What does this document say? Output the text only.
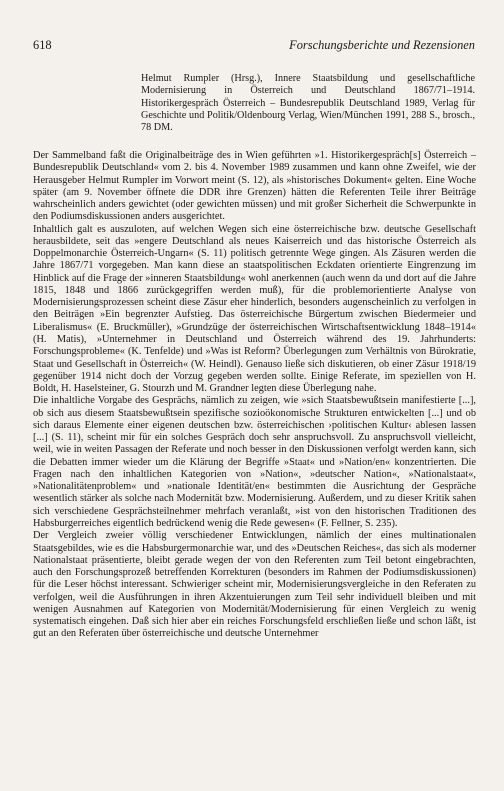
618	Forschungsberichte und Rezensionen
Helmut Rumpler (Hrsg.), Innere Staatsbildung und gesellschaftliche Modernisierung in Österreich und Deutschland 1867/71–1914. Historikergespräch Österreich – Bundesrepublik Deutschland 1989, Verlag für Geschichte und Politik/Oldenbourg Verlag, Wien/München 1991, 288 S., brosch., 78 DM.

Der Sammelband faßt die Originalbeiträge des in Wien geführten »1. Historikergespräch[s] Österreich – Bundesrepublik Deutschland« vom 2. bis 4. November 1989 zusammen und kann ohne Zweifel, wie der Herausgeber Helmut Rumpler im Vorwort meint (S. 12), als »historisches Dokument« gelten. Eine Woche später (am 9. November öffnete die DDR ihre Grenzen) hätten die Referenten Teile ihrer Beiträge wahrscheinlich anders gewichtet (oder gewichten müssen) und mit großer Sicherheit die Schwerpunkte in den Podiumsdiskussionen anders ausgerichtet.

Inhaltlich galt es auszuloten, auf welchen Wegen sich eine österreichische bzw. deutsche Gesellschaft herausbildete, seit das »engere Deutschland als neues Kaiserreich und das historische Österreich als Doppelmonarchie Österreich-Ungarn« (S. 11) politisch getrennte Wege gingen. Als Zäsuren werden die Jahre 1867/71 vorgegeben. Man kann diese an staatspolitischen Eckdaten orientierte Eingrenzung im Hinblick auf die Frage der »inneren Staatsbildung« wohl anerkennen (auch wenn da und dort auf die Jahre 1815, 1848 und 1866 zurückgegriffen werden muß), für die problemorientierte Analyse von Modernisierungsprozessen scheint diese Zäsur eher hinderlich, besonders augenscheinlich zu verfolgen in den Beiträgen »Ein begrenzter Aufstieg. Das österreichische Bürgertum zwischen Biedermeier und Liberalismus« (E. Bruckmüller), »Grundzüge der österreichischen Wirtschaftsentwicklung 1848–1914« (H. Matis), »Unternehmer in Deutschland und Österreich während des 19. Jahrhunderts: Forschungsprobleme« (K. Tenfelde) und »Was ist Reform? Überlegungen zum Verhältnis von Bürokratie, Staat und Gesellschaft in Österreich« (W. Heindl). Genauso ließe sich diskutieren, ob einer Zäsur 1918/19 gegenüber 1914 nicht doch der Vorzug gegeben werden sollte. Einige Referate, im speziellen von H. Boldt, H. Haselsteiner, G. Stourzh und M. Grandner legten diese Überlegung nahe.

Die inhaltliche Vorgabe des Gesprächs, nämlich zu zeigen, wie »sich Staatsbewußtsein manifestierte [...], ob sich aus diesem Staatsbewußtsein spezifische sozioökonomische Strukturen entwickelten [...] und ob sich daraus Elemente einer eigenen deutschen bzw. österreichischen ›politischen Kultur‹ ablesen lassen [...] (S. 11), scheint mir für ein solches Gespräch doch sehr anspruchsvoll. Zu anspruchsvoll vielleicht, weil, wie in weiten Passagen der Referate und noch besser in den Diskussionen verfolgt werden kann, sich die Debatten immer wieder um die Klärung der Begriffe »Staat« und »Nation/en« konzentrierten. Die Fragen nach den inhaltlichen Kategorien von »Nation«, »deutscher Nation«, »Nationalstaat«, »Nationalitätenproblem« und »nationale Identität/en« bestimmten die Ausrichtung der Gespräche wesentlich stärker als solche nach Modernität bzw. Modernisierung. Außerdem, und zu dieser Kritik sahen sich verschiedene Gesprächsteilnehmer mehrfach veranlaßt, »ist von den historischen Traditionen des Habsburgerreiches eigentlich bedrückend wenig die Rede gewesen« (F. Fellner, S. 235).

Der Vergleich zweier völlig verschiedener Entwicklungen, nämlich der eines multinationalen Staatsgebildes, wie es die Habsburgermonarchie war, und des »Deutschen Reiches«, das sich als moderner Nationalstaat präsentierte, bleibt gerade wegen der von den Referenten zum Teil betont eingebrachten, auch den Forschungsprozeß betreffenden Korrekturen (besonders im Rahmen der Podiumsdiskussionen) für die Leser höchst interessant. Schwieriger scheint mir, Modernisierungsvergleiche in den Referaten zu verfolgen, weil die Ausführungen in ihren Akzentuierungen zum Teil sehr individuell bleiben und mit wenigen Ausnahmen auf Kategorien von Modernität/Modernisierung für einen Vergleich zu wenig systematisch eingehen. Daß sich hier aber ein reiches Forschungsfeld erschließen ließe und schon läßt, ist gut an den Referaten über österreichische und deutsche Unternehmer
